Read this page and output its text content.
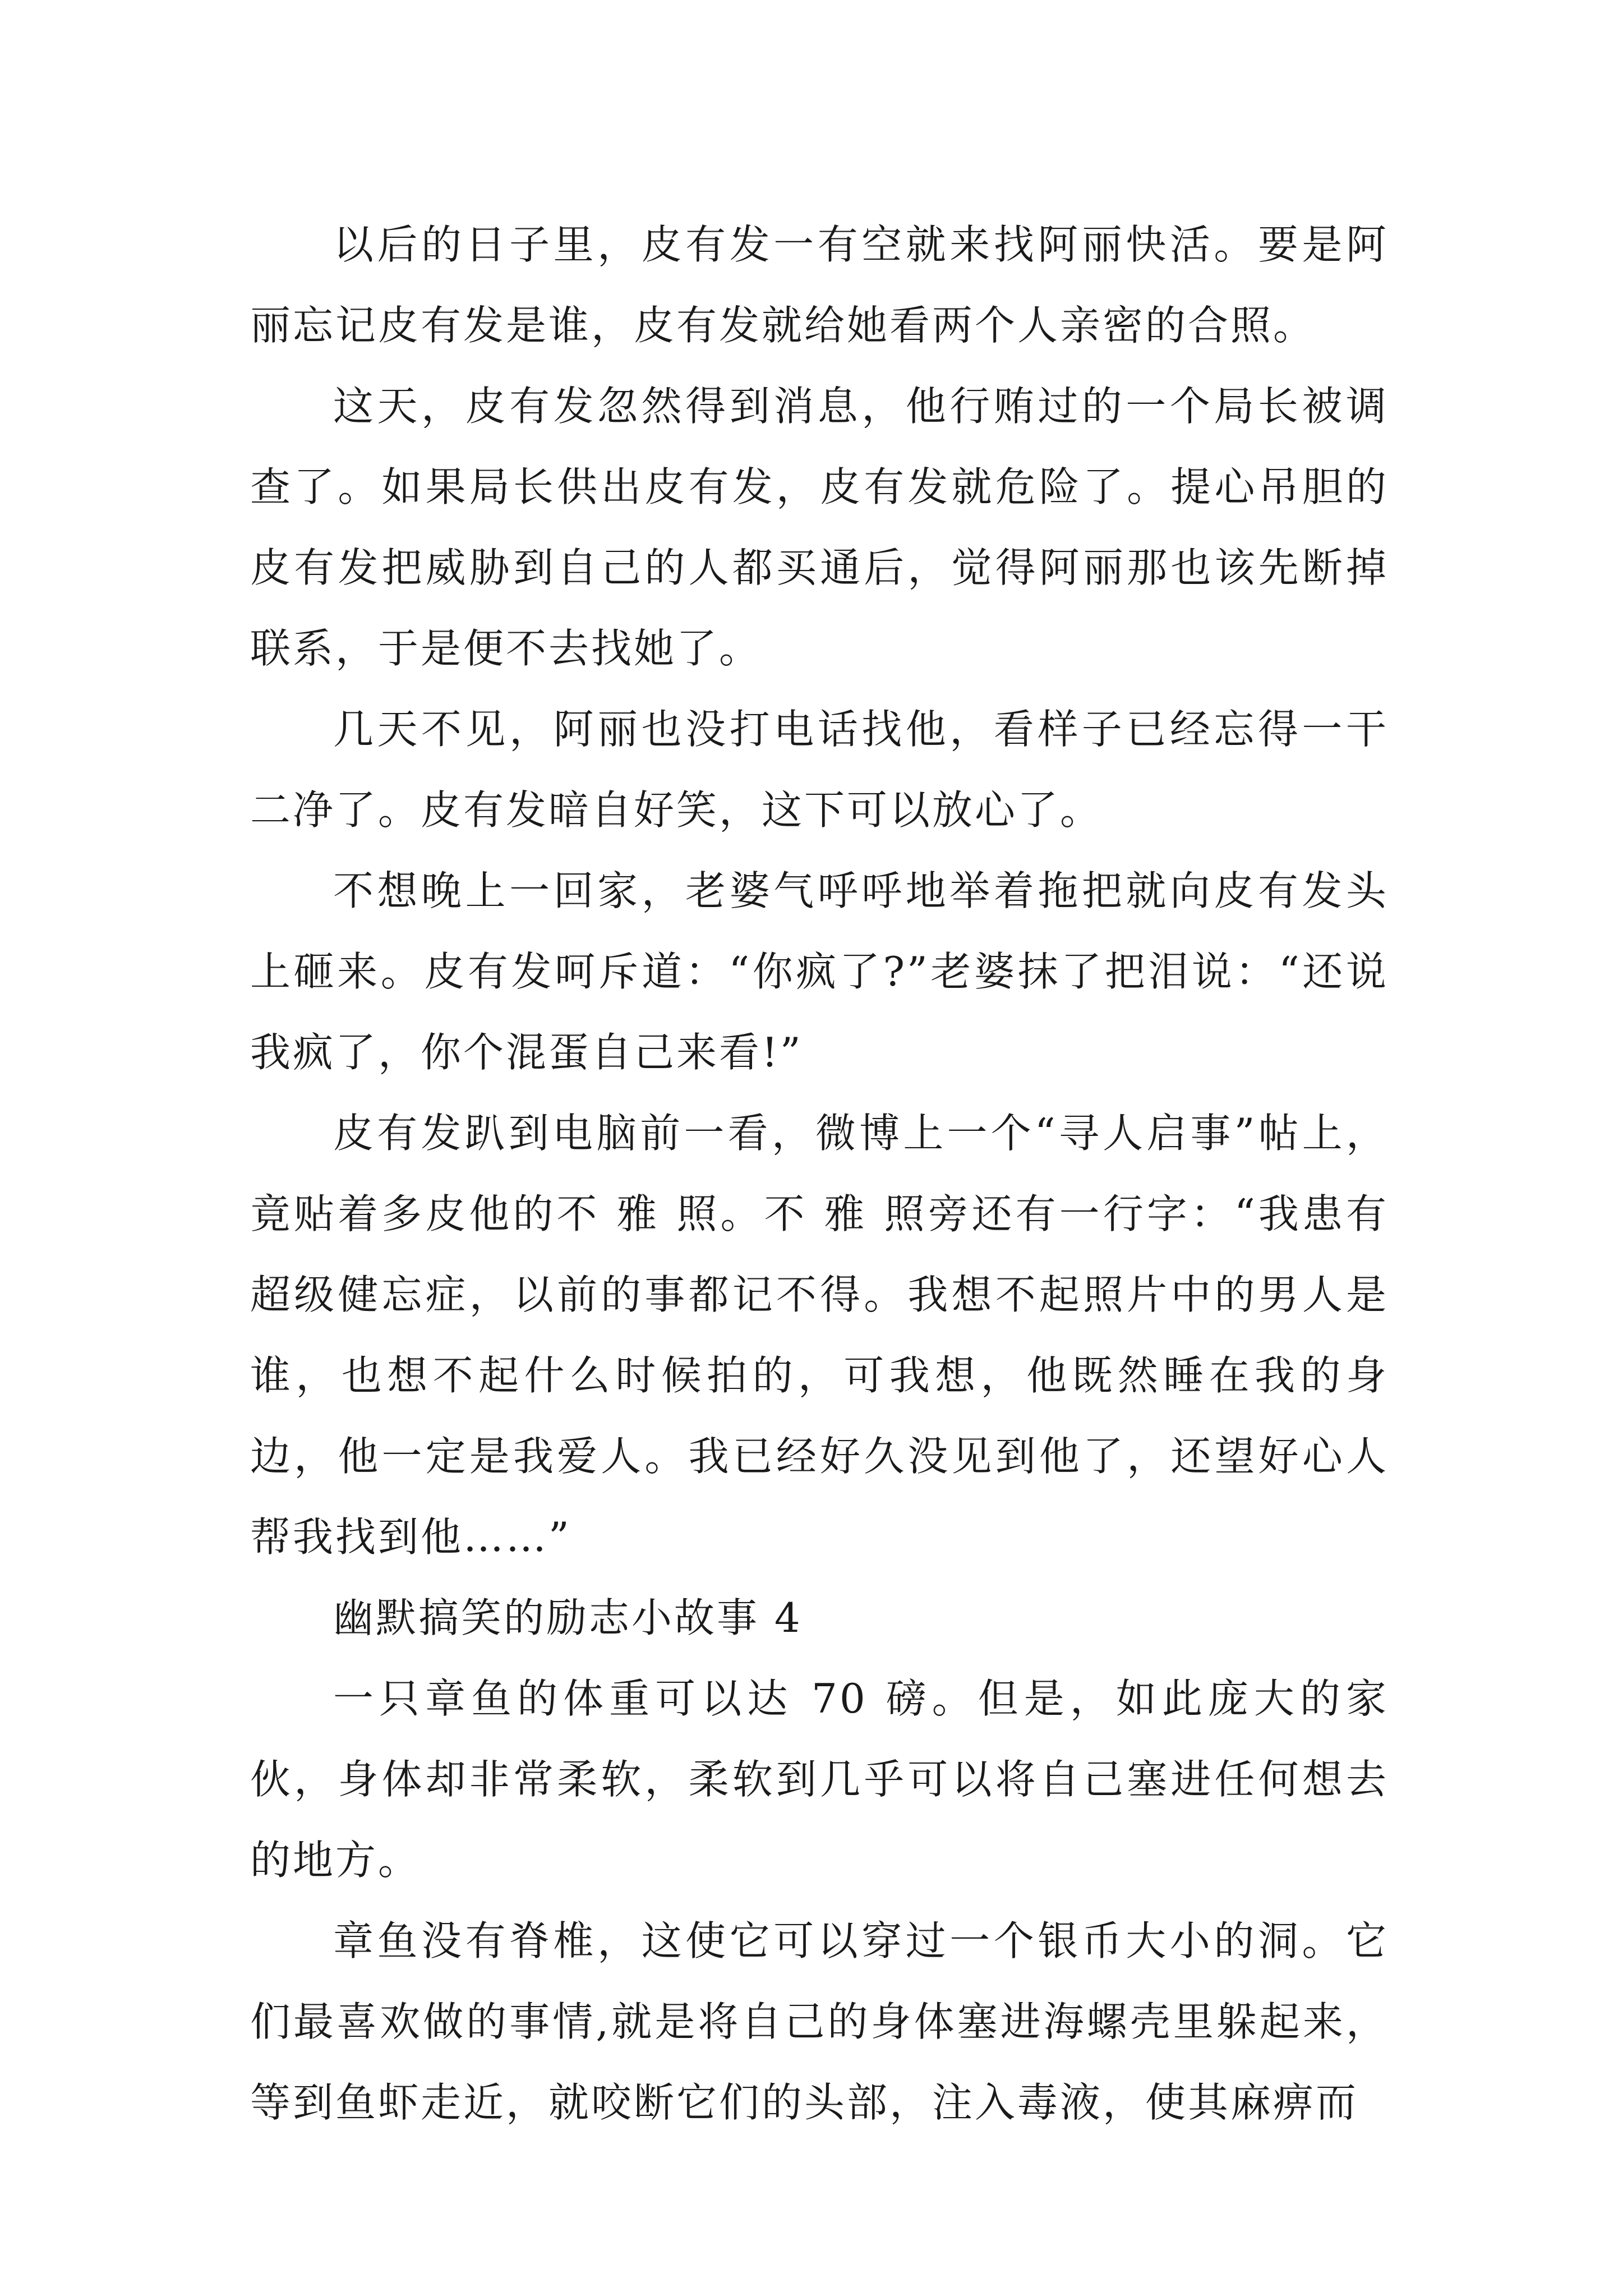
以后的日子里，皮有发一有空就来找阿丽快活。要是阿丽忘记皮有发是谁，皮有发就给她看两个人亲密的合照。

这天，皮有发忽然得到消息，他行贿过的一个局长被调查了。如果局长供出皮有发，皮有发就危险了。提心吊胆的皮有发把威胁到自己的人都买通后，觉得阿丽那也该先断掉联系，于是便不去找她了。

几天不见，阿丽也没打电话找他，看样子已经忘得一干二净了。皮有发暗自好笑，这下可以放心了。

不想晚上一回家，老婆气呼呼地举着拖把就向皮有发头上砸来。皮有发呵斥道：“你疯了?”老婆抹了把泪说：“还说我疯了，你个混蛋自己来看!”

皮有发趴到电脑前一看，微博上一个“寻人启事”帖上，竟贴着多皮他的不 雅 照。不 雅 照旁还有一行字：“我患有超级健忘症，以前的事都记不得。我想不起照片中的男人是谁，也想不起什么时候拍的，可我想，他既然睡在我的身边，他一定是我爱人。我已经好久没见到他了，还望好心人帮我找到他……”

幽默搞笑的励志小故事 4

一只章鱼的体重可以达 70 磅。但是，如此庞大的家伙，身体却非常柔软，柔软到几乎可以将自己塞进任何想去的地方。

章鱼没有脊椎，这使它可以穿过一个银币大小的洞。它们最喜欢做的事情,就是将自己的身体塞进海螺壳里躲起来，等到鱼虾走近，就咬断它们的头部，注入毒液，使其麻痹而
